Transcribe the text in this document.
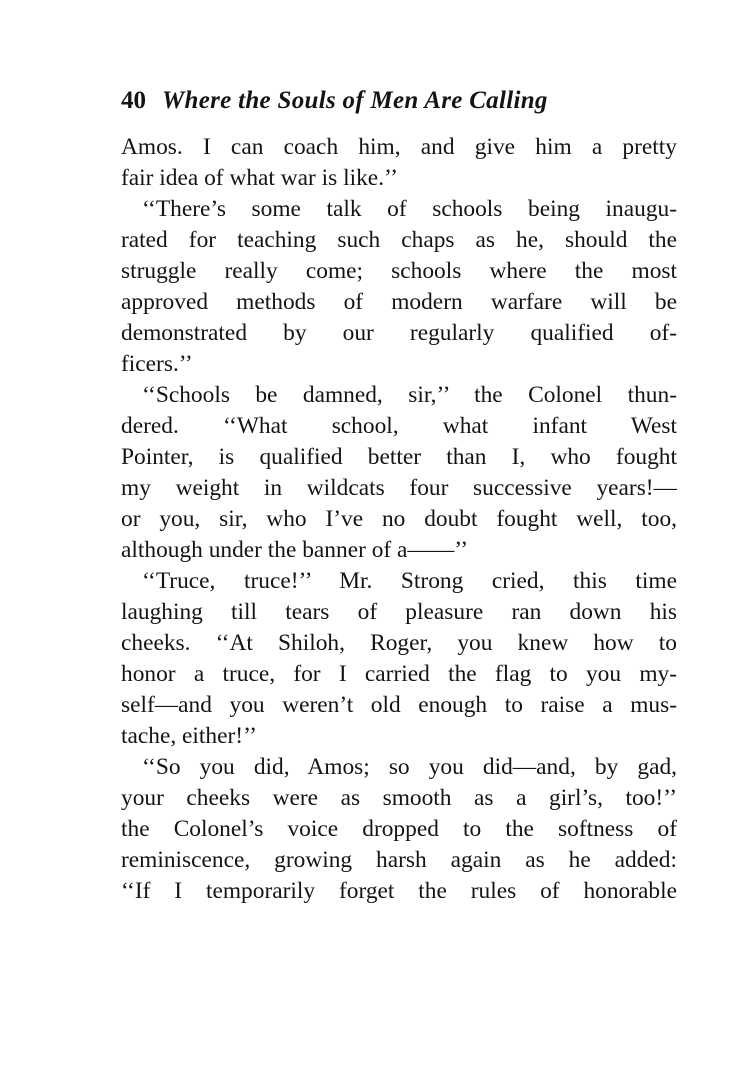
40 Where the Souls of Men Are Calling
Amos. I can coach him, and give him a pretty
fair idea of what war is like.’’
‘‘There’s some talk of schools being inaugu-
rated for teaching such chaps as he, should the
struggle really come; schools where the most
approved methods of modern warfare will be
demonstrated by our regularly qualified of-
ficers.’’
‘‘Schools be damned, sir,’’ the Colonel thun-
dered. ‘‘What school, what infant West
Pointer, is qualified better than I, who fought
my weight in wildcats four successive years!—
or you, sir, who I’ve no doubt fought well, too,
although under the banner of a——’’
‘‘Truce, truce!’’ Mr. Strong cried, this time
laughing till tears of pleasure ran down his
cheeks. ‘‘At Shiloh, Roger, you knew how to
honor a truce, for I carried the flag to you my-
self—and you weren’t old enough to raise a mus-
tache, either!’’
‘‘So you did, Amos; so you did—and, by gad,
your cheeks were as smooth as a girl’s, too!’’
the Colonel’s voice dropped to the softness of
reminiscence, growing harsh again as he added:
‘‘If I temporarily forget the rules of honorable
